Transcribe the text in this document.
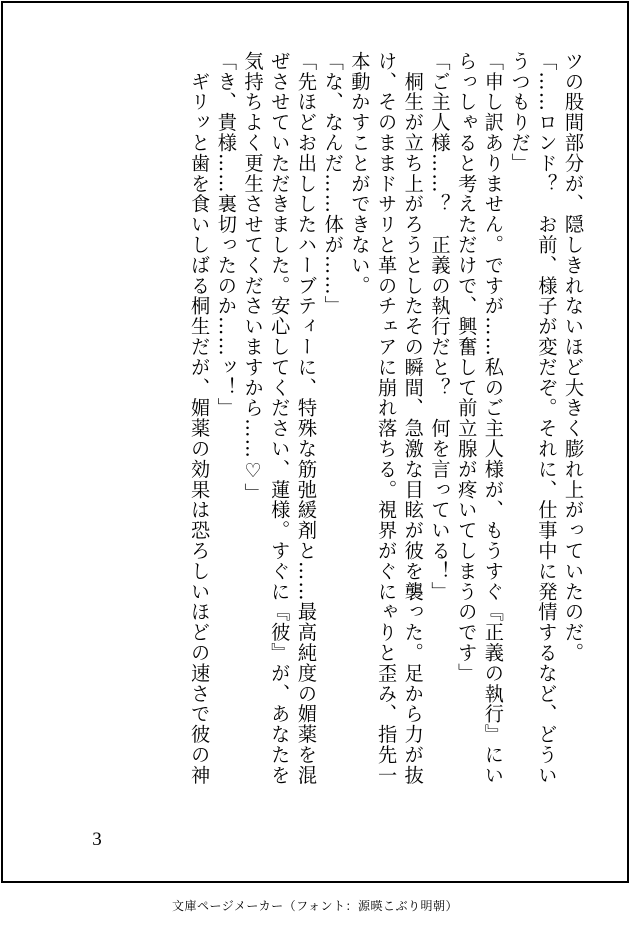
ツの股間部分が、隠しきれないほど大きく膨れ上がっていたのだ。
「……ロンド？　お前、様子が変だぞ。それに、仕事中に発情するなど、どうい
うつもりだ」
「申し訳ありません。ですが……私のご主人様が、もうすぐ『正義の執行』にい
らっしゃると考えただけで、興奮して前立腺が疼いてしまうのです」
「ご主人様……？　正義の執行だと？　何を言っている！」
　桐生が立ち上がろうとしたその瞬間、急激な目眩が彼を襲った。足から力が抜
け、そのままドサリと革のチェアに崩れ落ちる。視界がぐにゃりと歪み、指先一
本動かすことができない。
「な、なんだ……体が……」
「先ほどお出ししたハーブティーに、特殊な筋弛緩剤と……最高純度の媚薬を混
ぜさせていただきました。安心してください、蓮様。すぐに『彼』が、あなたを
気持ちよく更生させてくださいますから……♡」
「き、貴様……裏切ったのか……ッ！」
　ギリッと歯を食いしばる桐生だが、媚薬の効果は恐ろしいほどの速さで彼の神
3
文庫ページメーカー（フォント：源暎こぶり明朝）
